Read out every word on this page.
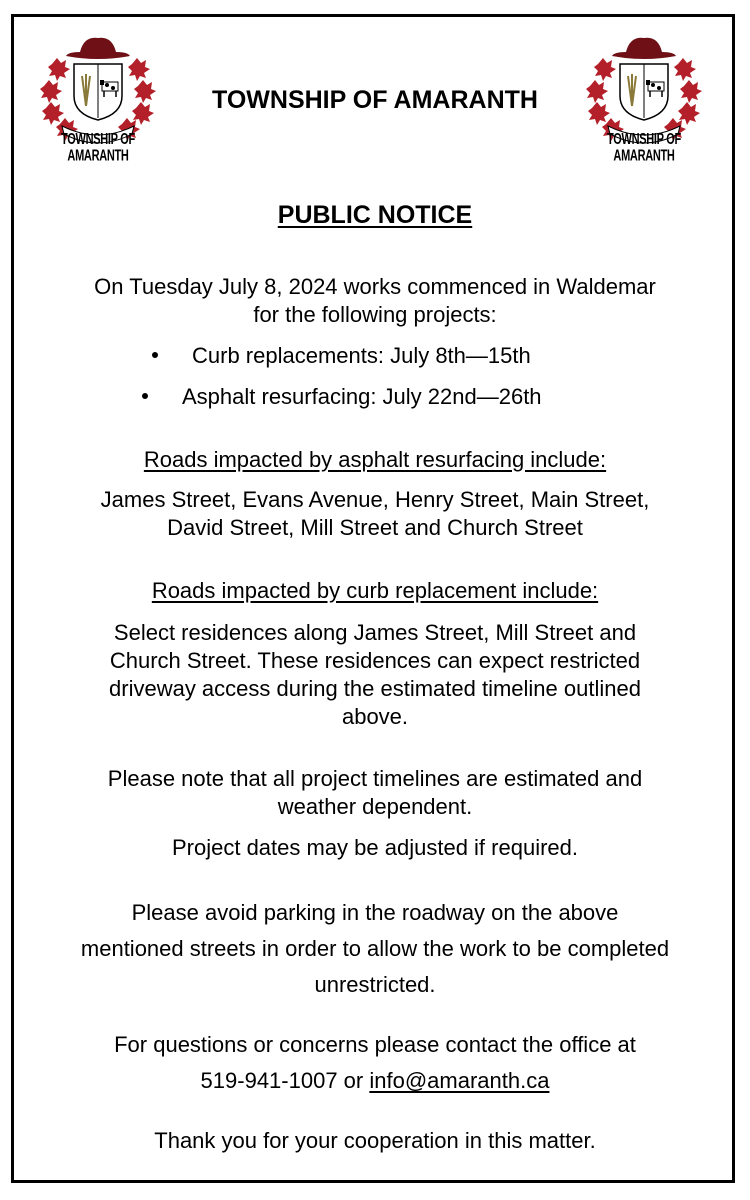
TOWNSHIP OF AMARANTH
TOWNSHIP OF AMARANTH
TOWNSHIP OF AMARANTH
PUBLIC NOTICE
On Tuesday July 8, 2024 works commenced in Waldemar
for the following projects:
Curb replacements: July 8th—15th
Asphalt resurfacing: July 22nd—26th
Roads impacted by asphalt resurfacing include:
James Street, Evans Avenue, Henry Street, Main Street,
David Street, Mill Street and Church Street
Roads impacted by curb replacement include:
Select residences along James Street, Mill Street and
Church Street. These residences can expect restricted
driveway access during the estimated timeline outlined
above.
Please note that all project timelines are estimated and
weather dependent.
Project dates may be adjusted if required.
Please avoid parking in the roadway on the above
mentioned streets in order to allow the work to be completed
unrestricted.
For questions or concerns please contact the office at
519-941-1007 or info@amaranth.ca
Thank you for your cooperation in this matter.
